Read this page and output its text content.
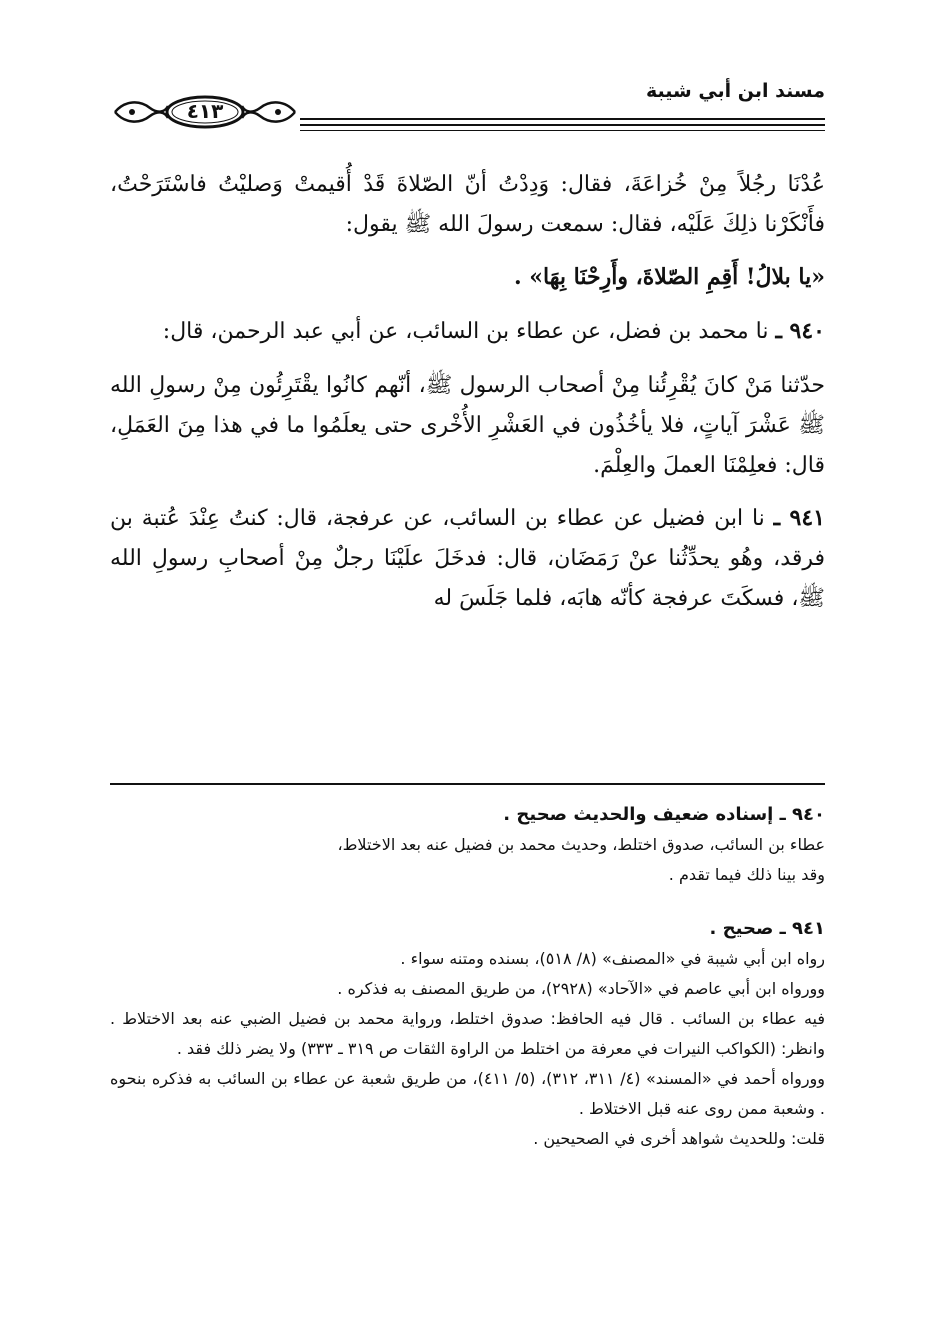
مسند ابن أبي شيبة
٤١٣

عُدْنَا رجُلاً مِنْ خُزاعَةَ، فقال: وَدِدْتُ أنّ الصّلاةَ قَدْ أُقيمتْ وَصليْتُ فاسْتَرَحْتُ، فأَنْكَرْنا ذلِكَ عَلَيْه، فقال: سمعت رسولَ الله ﷺ يقول:

«يا بلالُ! أَقِمِ الصّلاةَ، وأَرِحْنَا بِهَا» .

٩٤٠ ـ نا محمد بن فضل، عن عطاء بن السائب، عن أبي عبد الرحمن، قال:

حدّثنا مَنْ كانَ يُقْرِئُنا مِنْ أصحاب الرسول ﷺ، أنّهم كانُوا يقْتَرِئُون مِنْ رسولِ الله ﷺ عَشْرَ آياتٍ، فلا يأخُذُون في العَشْرِ الأُخْرى حتى يعلَمُوا ما في هذا مِنَ العَمَلِ، قال: فعلِمْنَا العملَ والعِلْمَ.

٩٤١ ـ نا ابن فضيل عن عطاء بن السائب، عن عرفجة، قال: كنتُ عِنْدَ عُتبة بن فرقد، وهُو يحدِّثُنا عنْ رَمَضَان، قال: فدخَلَ علَيْنَا رجلٌ مِنْ أصحابِ رسولِ الله ﷺ، فسكَتَ عرفجة كأنّه هابَه، فلما جَلَسَ له

٩٤٠ ـ إسناده ضعيف والحديث صحيح .

عطاء بن السائب، صدوق اختلط، وحديث محمد بن فضيل عنه بعد الاختلاط،

وقد بينا ذلك فيما تقدم .

٩٤١ ـ صحيح .

رواه ابن أبي شيبة في «المصنف» (٨/ ٥١٨)، بسنده ومتنه سواء .

وورواه ابن أبي عاصم في «الآحاد» (٢٩٢٨)، من طريق المصنف به فذكره .

فيه عطاء بن السائب . قال فيه الحافظ: صدوق اختلط، ورواية محمد بن فضيل الضبي عنه بعد الاختلاط . وانظر: (الكواكب النيرات في معرفة من اختلط من الراوة الثقات ص ٣١٩ ـ ٣٣٣) ولا يضر ذلك فقد .

وورواه أحمد في «المسند» (٤/ ٣١١، ٣١٢)، (٥/ ٤١١)، من طريق شعبة عن عطاء بن السائب به فذكره بنحوه . وشعبة ممن روى عنه قبل الاختلاط .

قلت: وللحديث شواهد أخرى في الصحيحين .
